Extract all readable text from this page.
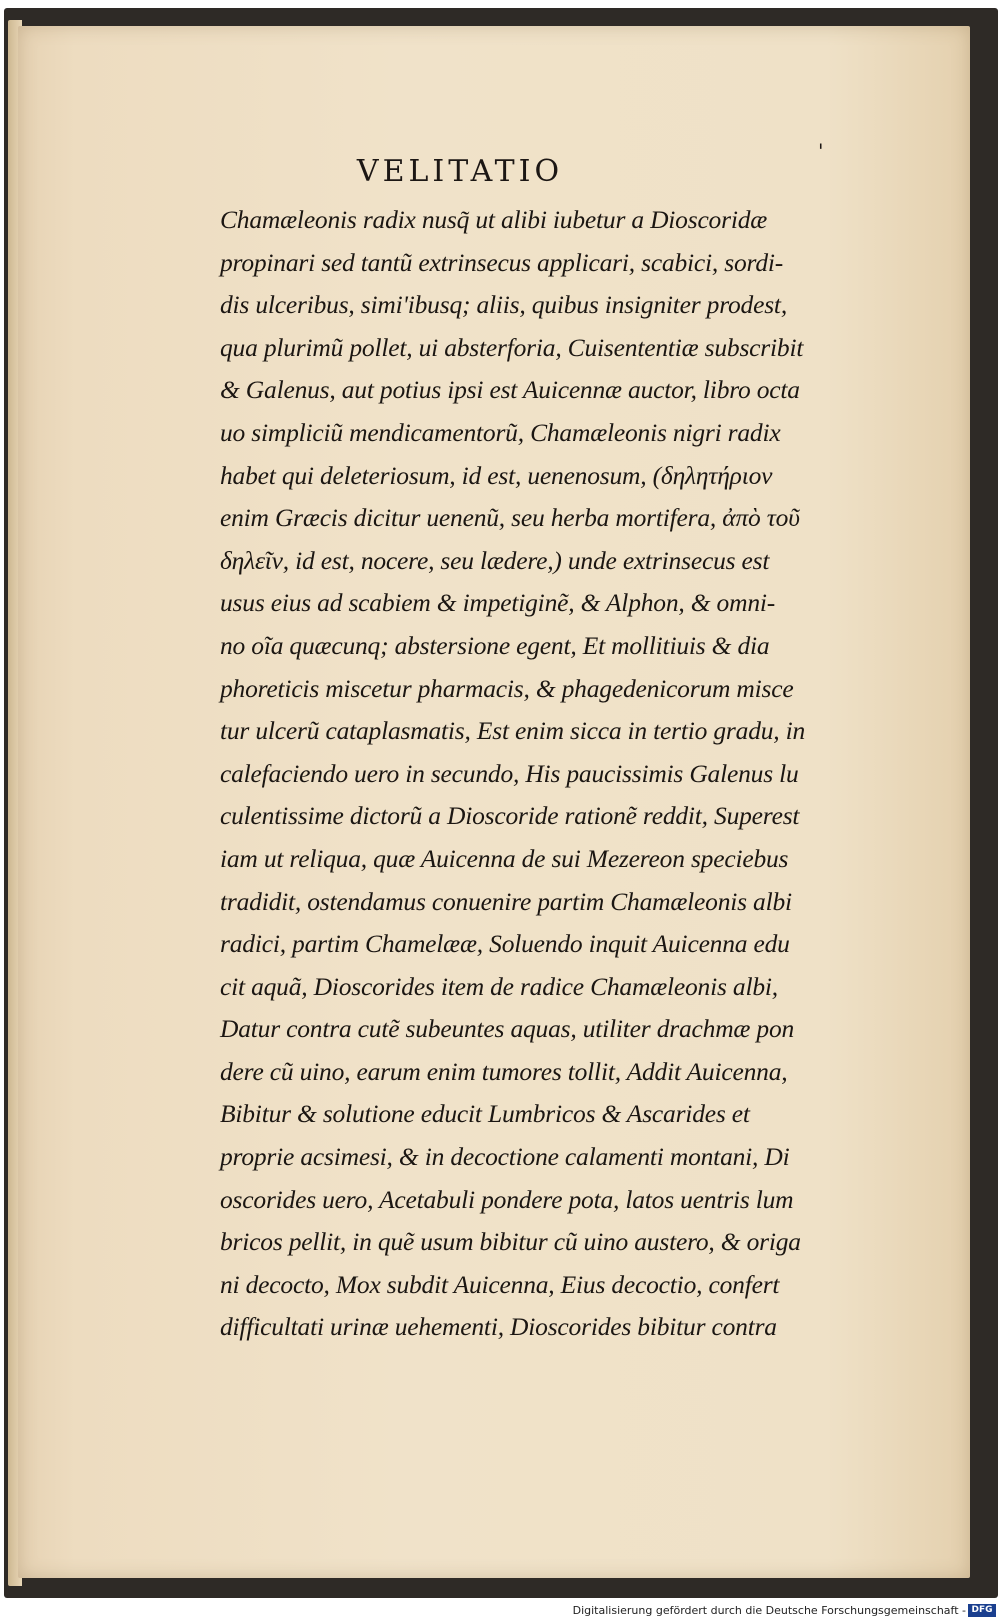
VELITATIO
'
Chamæleonis radix nusq̃ ut alibi iubetur a Dioscoridæ
propinari sed tantũ extrinsecus applicari, scabici, sordi-
dis ulceribus, simi'ibusq; aliis, quibus insigniter prodest,
qua plurimũ pollet, ui absterforia, Cuisententiæ subscribit
& Galenus, aut potius ipsi est Auicennæ auctor, libro octa
uo simpliciũ mendicamentorũ, Chamæleonis nigri radix
habet qui deleteriosum, id est, uenenosum, (δηλητήριον
enim Græcis dicitur uenenũ, seu herba mortifera, ἀπὸ τοῦ
δηλεῖν, id est, nocere, seu lædere,) unde extrinsecus est
usus eius ad scabiem & impetiginẽ, & Alphon, & omni-
no oĩa quæcunq; abstersione egent, Et mollitiuis & dia
phoreticis miscetur pharmacis, & phagedenicorum misce
tur ulcerũ cataplasmatis, Est enim sicca in tertio gradu, in
calefaciendo uero in secundo, His paucissimis Galenus lu
culentissime dictorũ a Dioscoride rationẽ reddit, Superest
iam ut reliqua, quæ Auicenna de sui Mezereon speciebus
tradidit, ostendamus conuenire partim Chamæleonis albi
radici, partim Chamelææ, Soluendo inquit Auicenna edu
cit aquã, Dioscorides item de radice Chamæleonis albi,
Datur contra cutẽ subeuntes aquas, utiliter drachmæ pon
dere cũ uino, earum enim tumores tollit, Addit Auicenna,
Bibitur & solutione educit Lumbricos & Ascarides et
proprie acsimesi, & in decoctione calamenti montani, Di
oscorides uero, Acetabuli pondere pota, latos uentris lum
bricos pellit, in quẽ usum bibitur cũ uino austero, & origa
ni decocto, Mox subdit Auicenna, Eius decoctio, confert
difficultati urinæ uehementi, Dioscorides bibitur contra
Digitalisierung gefördert durch die Deutsche Forschungsgemeinschaft - DFG
